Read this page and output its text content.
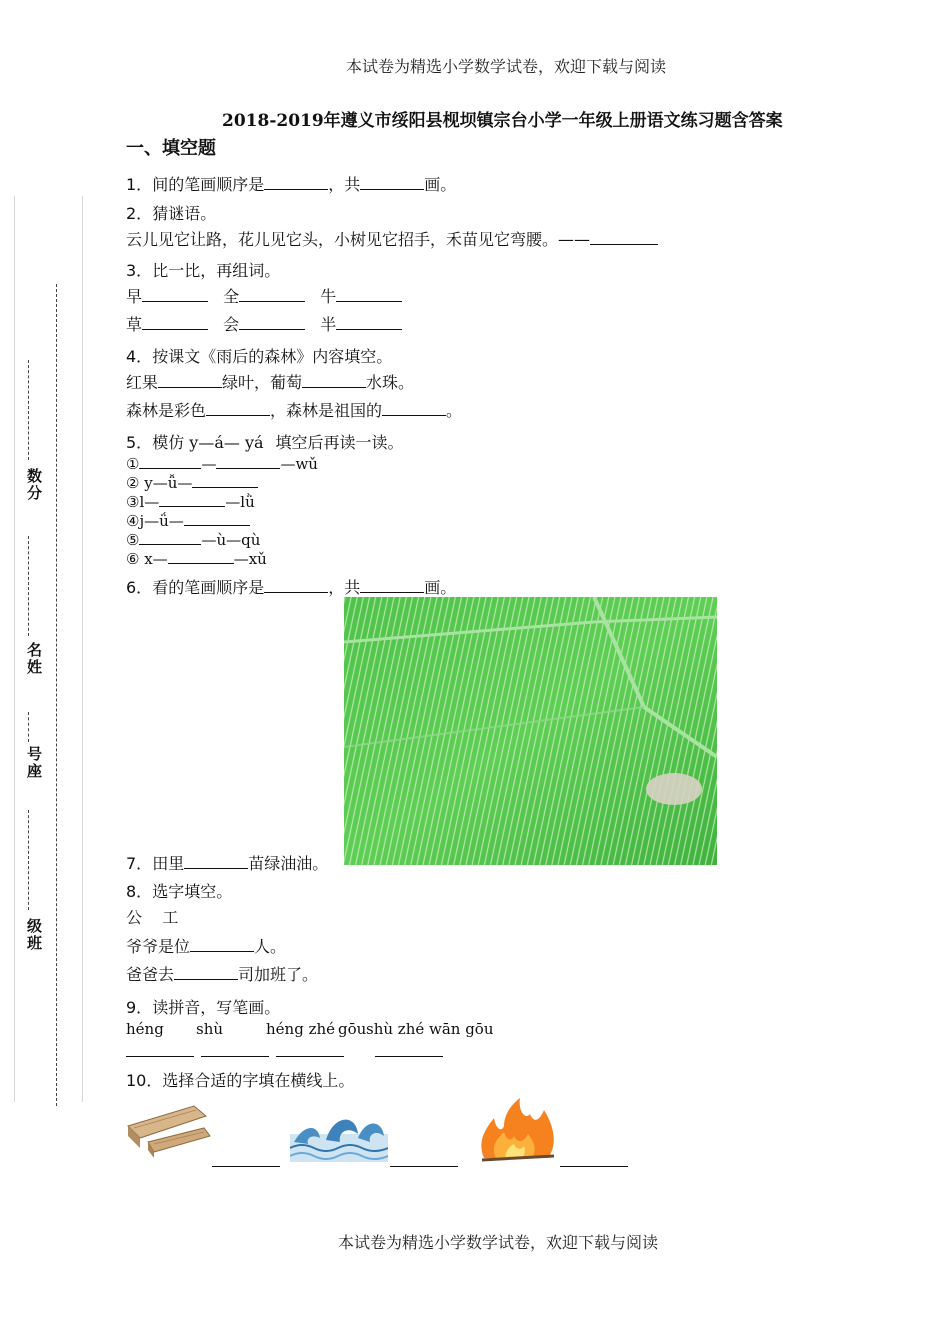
本试卷为精选小学数学试卷，欢迎下载与阅读
2018-2019年遵义市绥阳县枧坝镇宗台小学一年级上册语文练习题含答案
一、填空题
数分
名姓
号座
级班
1．间的笔画顺序是	，共	画。
2．猜谜语。
云儿见它让路，花儿见它头，小树见它招手，禾苗见它弯腰。——
3．比一比，再组词。
早	全	牛
草	会	半
4．按课文《雨后的森林》内容填空。
红果	绿叶，葡萄	水珠。
森林是彩色	，森林是祖国的	。
5．模仿 y—á— yá 填空后再读一读。
①	—	—wǔ
② y—ǚ—
③l—	—lǜ
④j—ǘ—
⑤	—ù—qù
⑥ x—	—xǔ
6．看的笔画顺序是	，共	画。
7．田里	苗绿油油。
8．选字填空。
公    工
爷爷是位	人。
爸爸去	司加班了。
9．读拼音，写笔画。
héng shù	héng zhé gōu shù zhé wān gōu

10．选择合适的字填在横线上。
本试卷为精选小学数学试卷，欢迎下载与阅读
